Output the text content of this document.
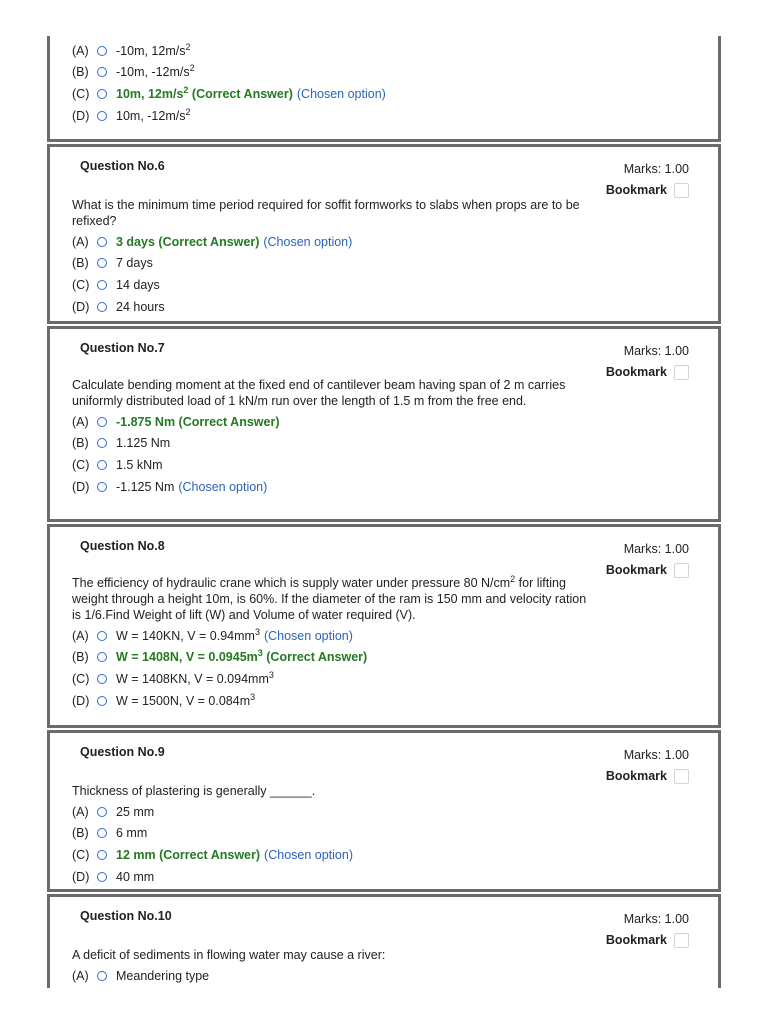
(A)	-10m, $12m/s^2$
(B)	-10m, $-12m/s^2$
(C)	10m, $12m/s^2$ (Correct Answer) (Chosen option)
(D)	10m, $-12m/s^2$
Question No.6	Marks: 1.00
Bookmark
What is the minimum time period required for soffit formworks to slabs when props are to be refixed?
(A)	3 days (Correct Answer) (Chosen option)
(B)	7 days
(C)	14 days
(D)	24 hours
Question No.7	Marks: 1.00
Bookmark
Calculate bending moment at the fixed end of cantilever beam having span of 2 m carries uniformly distributed load of 1 kN/m run over the length of 1.5 m from the free end.
(A)	-1.875 Nm (Correct Answer)
(B)	1.125 Nm
(C)	1.5 kNm
(D)	-1.125 Nm (Chosen option)
Question No.8	Marks: 1.00
Bookmark
The efficiency of hydraulic crane which is supply water under pressure 80 $N/cm^2$ for lifting weight through a height 10m, is 60%. If the diameter of the ram is 150 mm and velocity ration is 1/6.Find Weight of lift (W) and Volume of water required (V).
(A)	W = 140KN, $V = 0.94mm^3$ (Chosen option)
(B)	W = 1408N, $V = 0.0945m^3$ (Correct Answer)
(C)	W = 1408KN, $V = 0.094mm^3$
(D)	W = 1500N, $V = 0.084m^3$
Question No.9	Marks: 1.00
Bookmark
Thickness of plastering is generally ______.
(A)	25 mm
(B)	6 mm
(C)	12 mm (Correct Answer) (Chosen option)
(D)	40 mm
Question No.10	Marks: 1.00
Bookmark
A deficit of sediments in flowing water may cause a river:
(A)	Meandering type
